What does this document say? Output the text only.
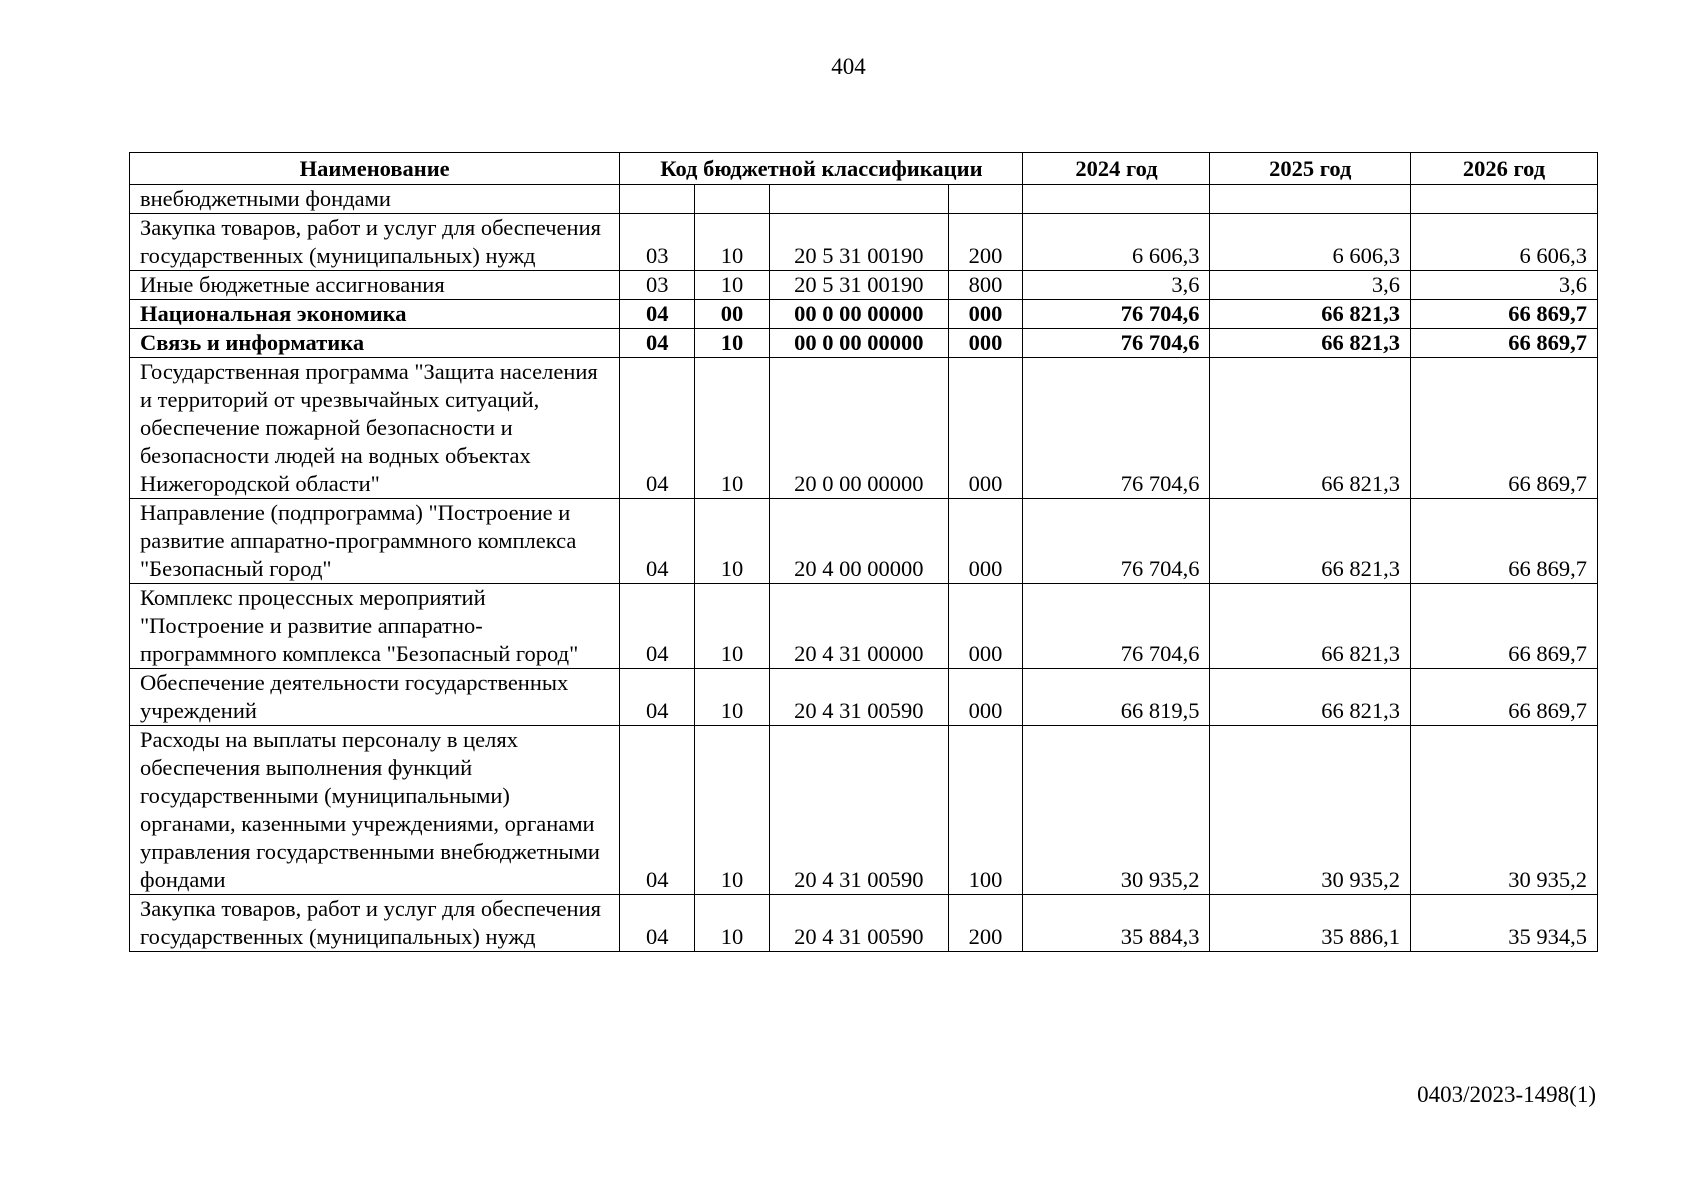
404
Наименование	Код бюджетной классификации				2024 год	2025 год	2026 год
внебюджетными фондами							
Закупка товаров, работ и услуг для обеспечения государственных (муниципальных) нужд	03	10	20 5 31 00190	200	6 606,3	6 606,3	6 606,3
Иные бюджетные ассигнования	03	10	20 5 31 00190	800	3,6	3,6	3,6
Национальная экономика	04	00	00 0 00 00000	000	76 704,6	66 821,3	66 869,7
Связь и информатика	04	10	00 0 00 00000	000	76 704,6	66 821,3	66 869,7
Государственная программа "Защита населения и территорий от чрезвычайных ситуаций, обеспечение пожарной безопасности и безопасности людей на водных объектах Нижегородской области"	04	10	20 0 00 00000	000	76 704,6	66 821,3	66 869,7
Направление (подпрограмма) "Построение и развитие аппаратно-программного комплекса "Безопасный город"	04	10	20 4 00 00000	000	76 704,6	66 821,3	66 869,7
Комплекс процессных мероприятий "Построение и развитие аппаратно-программного комплекса "Безопасный город"	04	10	20 4 31 00000	000	76 704,6	66 821,3	66 869,7
Обеспечение деятельности государственных учреждений	04	10	20 4 31 00590	000	66 819,5	66 821,3	66 869,7
Расходы на выплаты персоналу в целях обеспечения выполнения функций государственными (муниципальными) органами, казенными учреждениями, органами управления государственными внебюджетными фондами	04	10	20 4 31 00590	100	30 935,2	30 935,2	30 935,2
Закупка товаров, работ и услуг для обеспечения государственных (муниципальных) нужд	04	10	20 4 31 00590	200	35 884,3	35 886,1	35 934,5
0403/2023-1498(1)
